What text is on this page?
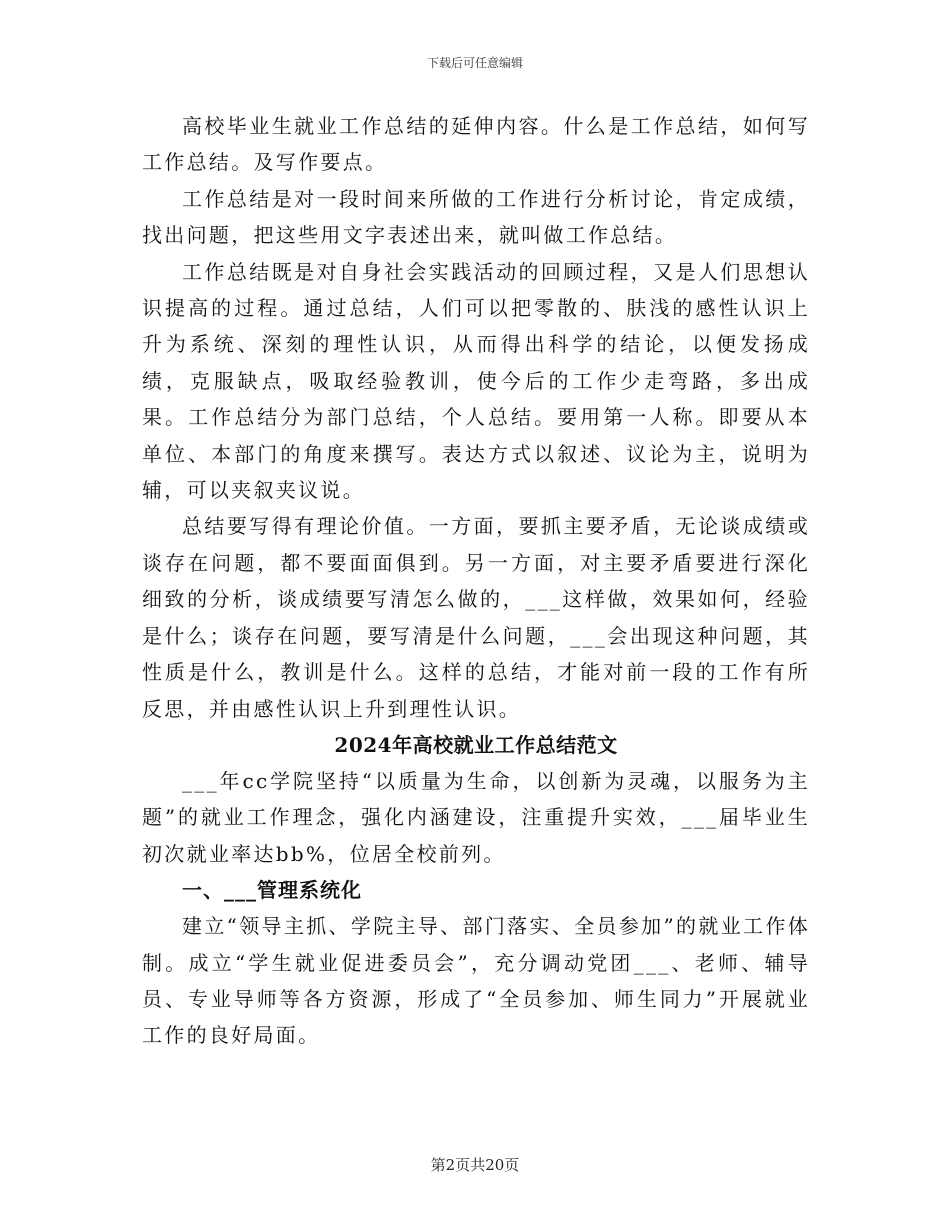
下载后可任意编辑

高校毕业生就业工作总结的延伸内容。什么是工作总结，如何写工作总结。及写作要点。

工作总结是对一段时间来所做的工作进行分析讨论，肯定成绩，找出问题，把这些用文字表述出来，就叫做工作总结。

工作总结既是对自身社会实践活动的回顾过程，又是人们思想认识提高的过程。通过总结，人们可以把零散的、肤浅的感性认识上升为系统、深刻的理性认识，从而得出科学的结论，以便发扬成绩，克服缺点，吸取经验教训，使今后的工作少走弯路，多出成果。工作总结分为部门总结，个人总结。要用第一人称。即要从本单位、本部门的角度来撰写。表达方式以叙述、议论为主，说明为辅，可以夹叙夹议说。

总结要写得有理论价值。一方面，要抓主要矛盾，无论谈成绩或谈存在问题，都不要面面俱到。另一方面，对主要矛盾要进行深化细致的分析，谈成绩要写清怎么做的，___这样做，效果如何，经验是什么；谈存在问题，要写清是什么问题，___会出现这种问题，其性质是什么，教训是什么。这样的总结，才能对前一段的工作有所反思，并由感性认识上升到理性认识。

2024年高校就业工作总结范文

___年cc学院坚持“以质量为生命，以创新为灵魂，以服务为主题”的就业工作理念，强化内涵建设，注重提升实效，___届毕业生初次就业率达bb%，位居全校前列。

一、___管理系统化

建立“领导主抓、学院主导、部门落实、全员参加”的就业工作体制。成立“学生就业促进委员会”，充分调动党团___、老师、辅导员、专业导师等各方资源，形成了“全员参加、师生同力”开展就业工作的良好局面。

第2页共20页
